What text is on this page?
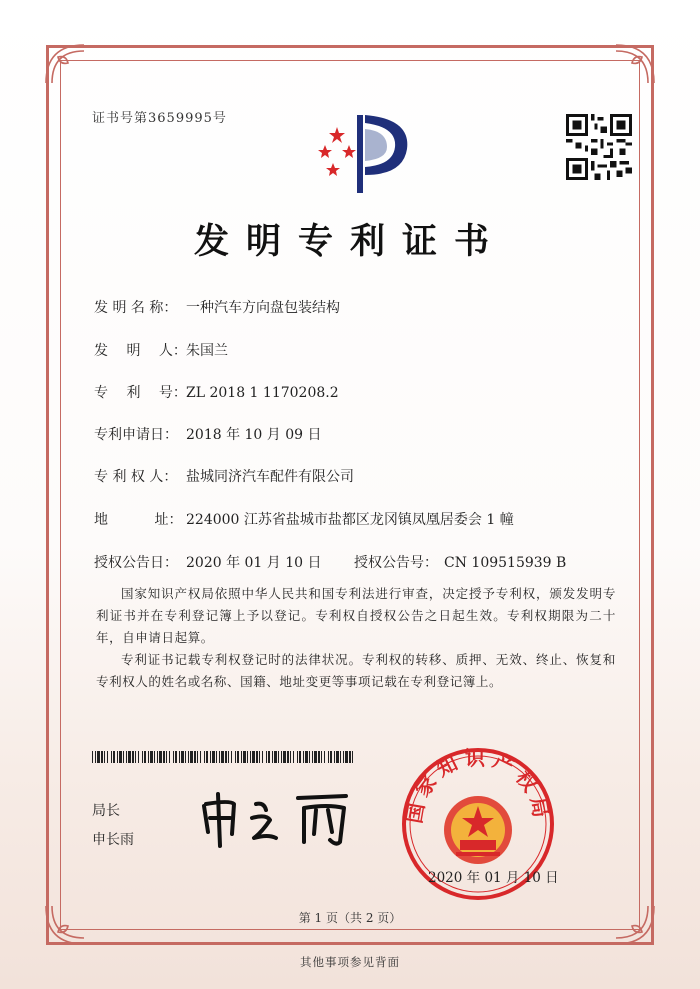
证书号第3659995号
发明专利证书
发 明 名 称： 一种汽车方向盘包装结构
发　 明　 人：朱国兰
专　 利　 号：ZL 2018 1 1170208.2
专利申请日： 2018 年 10 月 09 日
专 利 权 人： 盐城同济汽车配件有限公司
地　　　 址： 224000 江苏省盐城市盐都区龙冈镇凤凰居委会 1 幢
授权公告日： 2020 年 01 月 10 日 授权公告号： CN 109515939 B
国家知识产权局依照中华人民共和国专利法进行审查，决定授予专利权，颁发发明专利证书并在专利登记簿上予以登记。专利权自授权公告之日起生效。专利权期限为二十年，自申请日起算。
专利证书记载专利权登记时的法律状况。专利权的转移、质押、无效、终止、恢复和专利权人的姓名或名称、国籍、地址变更等事项记载在专利登记簿上。
局长
申长雨
国家知识产权局
2020 年 01 月 10 日
第 1 页（共 2 页）
其他事项参见背面
